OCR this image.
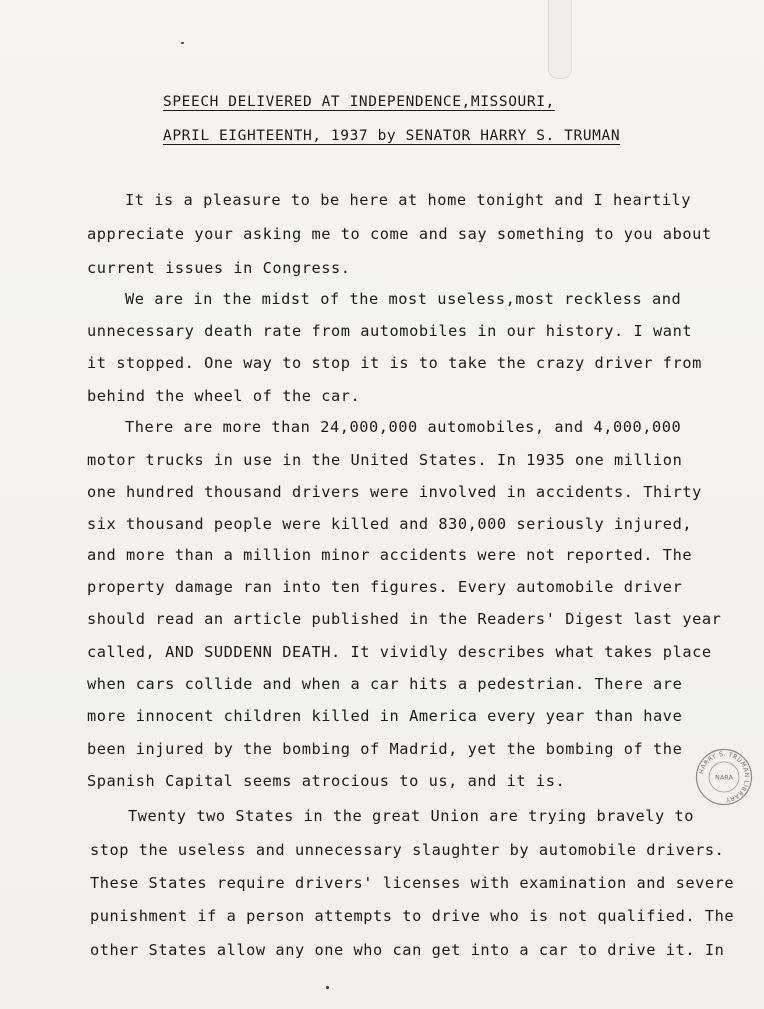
SPEECH DELIVERED AT INDEPENDENCE,MISSOURI,
APRIL EIGHTEENTH, 1937 by SENATOR HARRY S. TRUMAN
It is a pleasure to be here at home tonight and I heartily
appreciate your asking me to come and say something to you about
current issues in Congress.
We are in the midst of the most useless,most reckless and
unnecessary death rate from automobiles in our history. I want
it stopped. One way to stop it is to take the crazy driver from
behind the wheel of the car.
There are more than 24,000,000 automobiles, and 4,000,000
motor trucks in use in the United States. In 1935 one million
one hundred thousand drivers were involved in accidents. Thirty
six thousand people were killed and 830,000 seriously injured,
and more than a million minor accidents were not reported. The
property damage ran into ten figures. Every automobile driver
should read an article published in the Readers' Digest last year
called, AND SUDDENN DEATH. It vividly describes what takes place
when cars collide and when a car hits a pedestrian. There are
more innocent children killed in America every year than have
been injured by the bombing of Madrid, yet the bombing of the
Spanish Capital seems atrocious to us, and it is.
Twenty two States in the great Union are trying bravely to
stop the useless and unnecessary slaughter by automobile drivers.
These States require drivers' licenses with examination and severe
punishment if a person attempts to drive who is not qualified. The
other States allow any one who can get into a car to drive it. In
HARRY S. TRUMAN LIBRARY
NARA
